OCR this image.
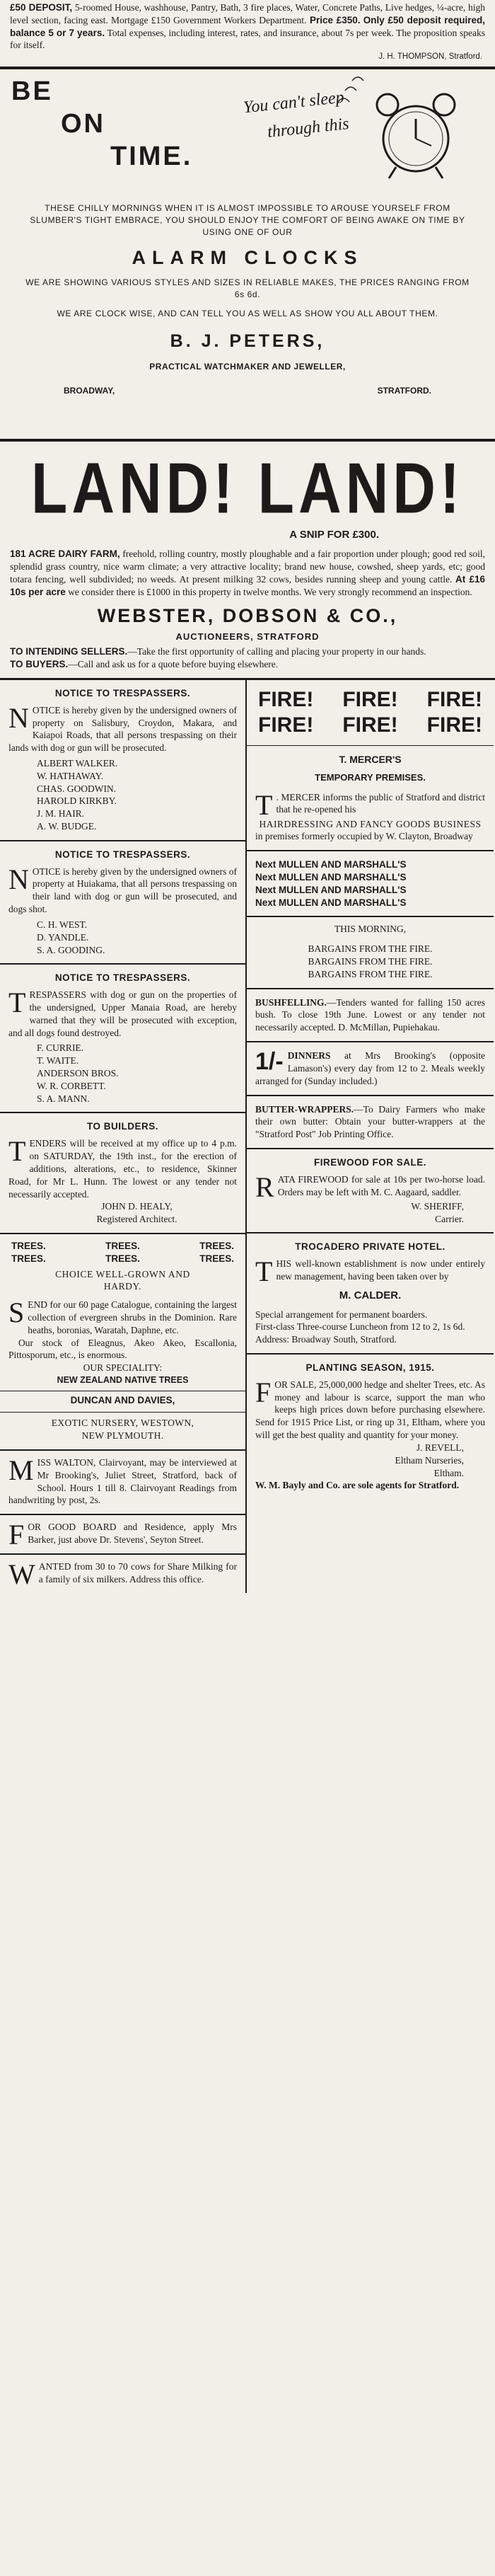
£50 DEPOSIT, 5-roomed House, washhouse, Pantry, Bath, 3 fire places, Water, Concrete Paths, Live hedges, ¼-acre, high level section, facing east. Mortgage £150 Government Workers Department. Price £350. Only £50 deposit required, balance 5 or 7 years. Total expenses, including interest, rates, and insurance, about 7s per week. The proposition speaks for itself.

J. H. THOMPSON, Stratford.

BE
ON
TIME.
You can't sleep
through this

THESE CHILLY MORNINGS WHEN IT IS ALMOST IMPOSSIBLE TO AROUSE YOURSELF FROM SLUMBER'S TIGHT EMBRACE, YOU SHOULD ENJOY THE COMFORT OF BEING AWAKE ON TIME BY USING ONE OF OUR

ALARM CLOCKS

WE ARE SHOWING VARIOUS STYLES AND SIZES IN RELIABLE MAKES, THE PRICES RANGING FROM 6s 6d.

WE ARE CLOCK WISE, AND CAN TELL YOU AS WELL AS SHOW YOU ALL ABOUT THEM.

B. J. PETERS,

PRACTICAL WATCHMAKER AND JEWELLER,

BROADWAY,	STRATFORD.
LAND! LAND!

A SNIP FOR £300.

181 ACRE DAIRY FARM, freehold, rolling country, mostly ploughable and a fair proportion under plough; good red soil, splendid grass country, nice warm climate; a very attractive locality; brand new house, cowshed, sheep yards, etc; good totara fencing, well subdivided; no weeds. At present milking 32 cows, besides running sheep and young cattle. At £16 10s per acre we consider there is £1000 in this property in twelve months. We very strongly recommend an inspection.

WEBSTER, DOBSON & CO.,

AUCTIONEERS, STRATFORD

TO INTENDING SELLERS.—Take the first opportunity of calling and placing your property in our hands.

TO BUYERS.—Call and ask us for a quote before buying elsewhere.

NOTICE TO TRESPASSERS.

NOTICE is hereby given by the undersigned owners of property on Salisbury, Croydon, Makara, and Kaiapoi Roads, that all persons trespassing on their lands with dog or gun will be prosecuted.

ALBERT WALKER.

W. HATHAWAY.

CHAS. GOODWIN.

HAROLD KIRKBY.

J. M. HAIR.

A. W. BUDGE.

NOTICE TO TRESPASSERS.

NOTICE is hereby given by the undersigned owners of property at Huiakama, that all persons trespassing on their land with dog or gun will be prosecuted, and dogs shot.

C. H. WEST.

D. YANDLE.

S. A. GOODING.

NOTICE TO TRESPASSERS.

TRESPASSERS with dog or gun on the properties of the undersigned, Upper Manaia Road, are hereby warned that they will be prosecuted with exception, and all dogs found destroyed.

F. CURRIE.

T. WAITE.

ANDERSON BROS.

W. R. CORBETT.

S. A. MANN.

TO BUILDERS.

TENDERS will be received at my office up to 4 p.m. on SATURDAY, the 19th inst., for the erection of additions, alterations, etc., to residence, Skinner Road, for Mr L. Hunn. The lowest or any tender not necessarily accepted.

JOHN D. HEALY,

Registered Architect.

TREES.	TREES.	TREES.
TREES.	TREES.	TREES.

CHOICE WELL-GROWN AND

HARDY.

SEND for our 60 page Catalogue, containing the largest collection of evergreen shrubs in the Dominion. Rare heaths, boronias, Waratah, Daphne, etc.

Our stock of Eleagnus, Akeo Akeo, Escallonia, Pittosporum, etc., is enormous.

OUR SPECIALITY:

NEW ZEALAND NATIVE TREES

DUNCAN AND DAVIES,

EXOTIC NURSERY, WESTOWN,

NEW PLYMOUTH.

MISS WALTON, Clairvoyant, may be interviewed at Mr Brooking's, Juliet Street, Stratford, back of School. Hours 1 till 8. Clairvoyant Readings from handwriting by post, 2s.

FOR GOOD BOARD and Residence, apply Mrs Barker, just above Dr. Stevens', Seyton Street.

WANTED from 30 to 70 cows for Share Milking for a family of six milkers. Address this office.

FIRE! FIRE! FIRE!
FIRE! FIRE! FIRE!

T. MERCER'S

TEMPORARY PREMISES.

T . MERCER informs the public of Stratford and district that he re-opened his

HAIRDRESSING AND FANCY GOODS BUSINESS

in premises formerly occupied by W. Clayton, Broadway

Next MULLEN AND MARSHALL'S

Next MULLEN AND MARSHALL'S

Next MULLEN AND MARSHALL'S

Next MULLEN AND MARSHALL'S

THIS MORNING,

BARGAINS FROM THE FIRE.

BARGAINS FROM THE FIRE.

BARGAINS FROM THE FIRE.

BUSHFELLING.—Tenders wanted for falling 150 acres bush. To close 19th June. Lowest or any tender not necessarily accepted. D. McMillan, Pupiehakau.

1/- DINNERS at Mrs Brooking's (opposite Lamason's) every day from 12 to 2. Meals weekly arranged for (Sunday included.)

BUTTER-WRAPPERS.—To Dairy Farmers who make their own butter: Obtain your butter-wrappers at the "Stratford Post" Job Printing Office.

FIREWOOD FOR SALE.

RATA FIREWOOD for sale at 10s per two-horse load. Orders may be left with M. C. Aagaard, saddler.

W. SHERIFF,

Carrier.

TROCADERO PRIVATE HOTEL.

THIS well-known establishment is now under entirely new management, having been taken over by

M. CALDER.

Special arrangement for permanent boarders.

First-class Three-course Luncheon from 12 to 2, 1s 6d.

Address: Broadway South, Stratford.

PLANTING SEASON, 1915.

FOR SALE, 25,000,000 hedge and shelter Trees, etc. As money and labour is scarce, support the man who keeps high prices down before purchasing elsewhere. Send for 1915 Price List, or ring up 31, Eltham, where you will get the best quality and quantity for your money.

J. REVELL,

Eltham Nurseries,

Eltham.

W. M. Bayly and Co. are sole agents for Stratford.
